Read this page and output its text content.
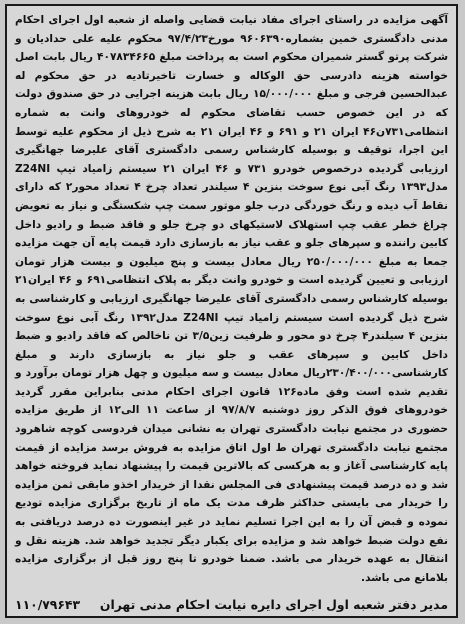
آگهی مزایده در راستای اجرای مفاد نیابت قضایی واصله از شعبه اول اجرای احکام مدنی دادگستری خمین بشماره۹۶۰۶۳۹۰ مورخ۹۷/۴/۲۳ محکوم علیه علی حدادیان و شرکت پرتو گستر شمیران محکوم است به پرداخت مبلغ ۴۰۷۸۳۴۶۶۵ ریال بابت اصل خواسته هزینه دادرسی حق الوکاله و خسارت تاخیرتادیه در حق محکوم له عبدالحسین فرجی و مبلغ ۱۵/۰۰۰/۰۰۰ ریال بابت هزینه اجرایی در حق صندوق دولت که در این خصوص حسب تقاضای محکوم له خودروهای وانت به شماره انتظامی۷۳۱ن۴۶ ایران ۲۱ و ۶۹۱ و ۴۶ ایران ۲۱ به شرح ذیل از محکوم علیه توسط این اجرا، توقیف و بوسیله کارشناس رسمی دادگستری آقای علیرضا جهانگیری ارزیابی گردیده درخصوص خودرو ۷۳۱ و ۴۶ ایران ۲۱ سیستم زامیاد تیپ Z24NI مدل۱۳۹۳ رنگ آبی نوع سوخت بنزین ۴ سیلندر تعداد چرخ ۴ تعداد محور۲ که دارای نقاط آب دیده و رنگ خوردگی درب جلو موتور سمت چپ شکستگی و نیاز به تعویض چراغ خطر عقب چپ استهلاک لاستیکهای دو چرخ جلو و فاقد ضبط و رادیو داخل کابین راننده و سپرهای جلو و عقب نیاز به بازسازی دارد قیمت پایه آن جهت مزایده جمعا به مبلغ ۲۵۰/۰۰۰/۰۰۰ ریال معادل بیست و پنج میلیون و بیست هزار تومان ارزیابی و تعیین گردیده است و خودرو وانت دیگر به پلاک انتظامی۶۹۱ و ۴۶ ایران۲۱ بوسیله کارشناس رسمی دادگستری آقای علیرضا جهانگیری ارزیابی و کارشناسی به شرح ذیل گردیده است سیستم زامیاد تیپ Z24NI مدل۱۳۹۲ رنگ آبی نوع سوخت بنزین ۴ سیلندر۴ چرخ دو محور و ظرفیت زین۳/۵ تن ناخالص که فاقد رادیو و ضبط داخل کابین و سپرهای عقب و جلو نیاز به بازسازی دارند و مبلغ کارشناسی۲۳۰/۴۰۰/۰۰۰ریال معادل بیست و سه میلیون و چهل هزار تومان برآورد و تقدیم شده است وفق ماده۱۲۶ قانون اجرای احکام مدنی بنابراین مقرر گردید خودروهای فوق الذکر روز دوشنبه ۹۷/۸/۷ از ساعت ۱۱ الی۱۲ از طریق مزایده حضوری در مجتمع نیابت دادگستری تهران به نشانی میدان فردوسی کوچه شاهرود مجتمع نیابت دادگستری تهران ط اول اتاق مزایده به فروش برسد مزایده از قیمت پایه کارشناسی آغاز و به هرکسی که بالاترین قیمت را پیشنهاد نماید فروخته خواهد شد و ده درصد قیمت پیشنهادی فی المجلس نقدا از خریدار اخذو مابقی ثمن مزایده را خریدار می بایستی حداکثر ظرف مدت یک ماه از تاریخ برگزاری مزایده تودیع نموده و قبض آن را به این اجرا تسلیم نماید در غیر اینصورت ده درصد دریافتی به نفع دولت ضبط خواهد شد و مزایده برای یکبار دیگر تجدید خواهد شد. هزینه نقل و انتقال به عهده خریدار می باشد. ضمنا خودرو تا پنج روز قبل از برگزاری مزایده بلامانع می باشد.

مدیر دفتر شعبه اول اجرای دایره نیابت احکام مدنی تهران
۱۱۰/۷۹۶۴۳
